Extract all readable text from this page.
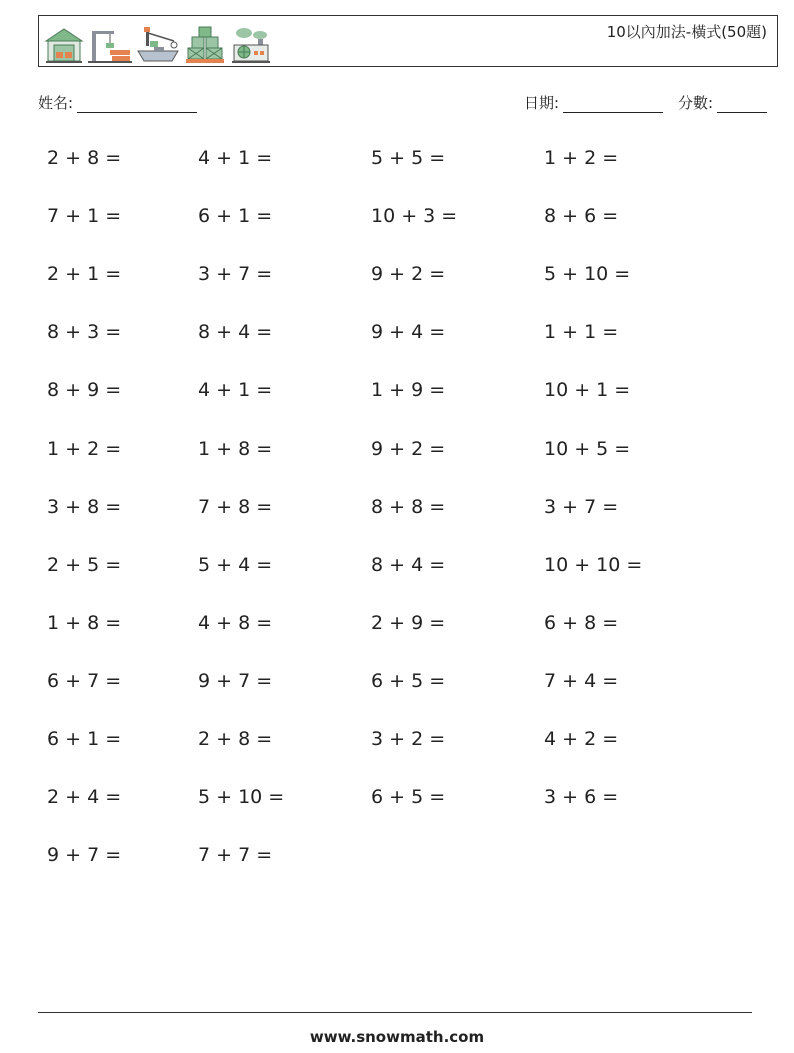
10以內加法-橫式(50題)
姓名:	日期:	分數:
2 + 8 =	4 + 1 =	5 + 5 =	1 + 2 =
7 + 1 =	6 + 1 =	10 + 3 =	8 + 6 =
2 + 1 =	3 + 7 =	9 + 2 =	5 + 10 =
8 + 3 =	8 + 4 =	9 + 4 =	1 + 1 =
8 + 9 =	4 + 1 =	1 + 9 =	10 + 1 =
1 + 2 =	1 + 8 =	9 + 2 =	10 + 5 =
3 + 8 =	7 + 8 =	8 + 8 =	3 + 7 =
2 + 5 =	5 + 4 =	8 + 4 =	10 + 10 =
1 + 8 =	4 + 8 =	2 + 9 =	6 + 8 =
6 + 7 =	9 + 7 =	6 + 5 =	7 + 4 =
6 + 1 =	2 + 8 =	3 + 2 =	4 + 2 =
2 + 4 =	5 + 10 =	6 + 5 =	3 + 6 =
9 + 7 =	7 + 7 =
www.snowmath.com
